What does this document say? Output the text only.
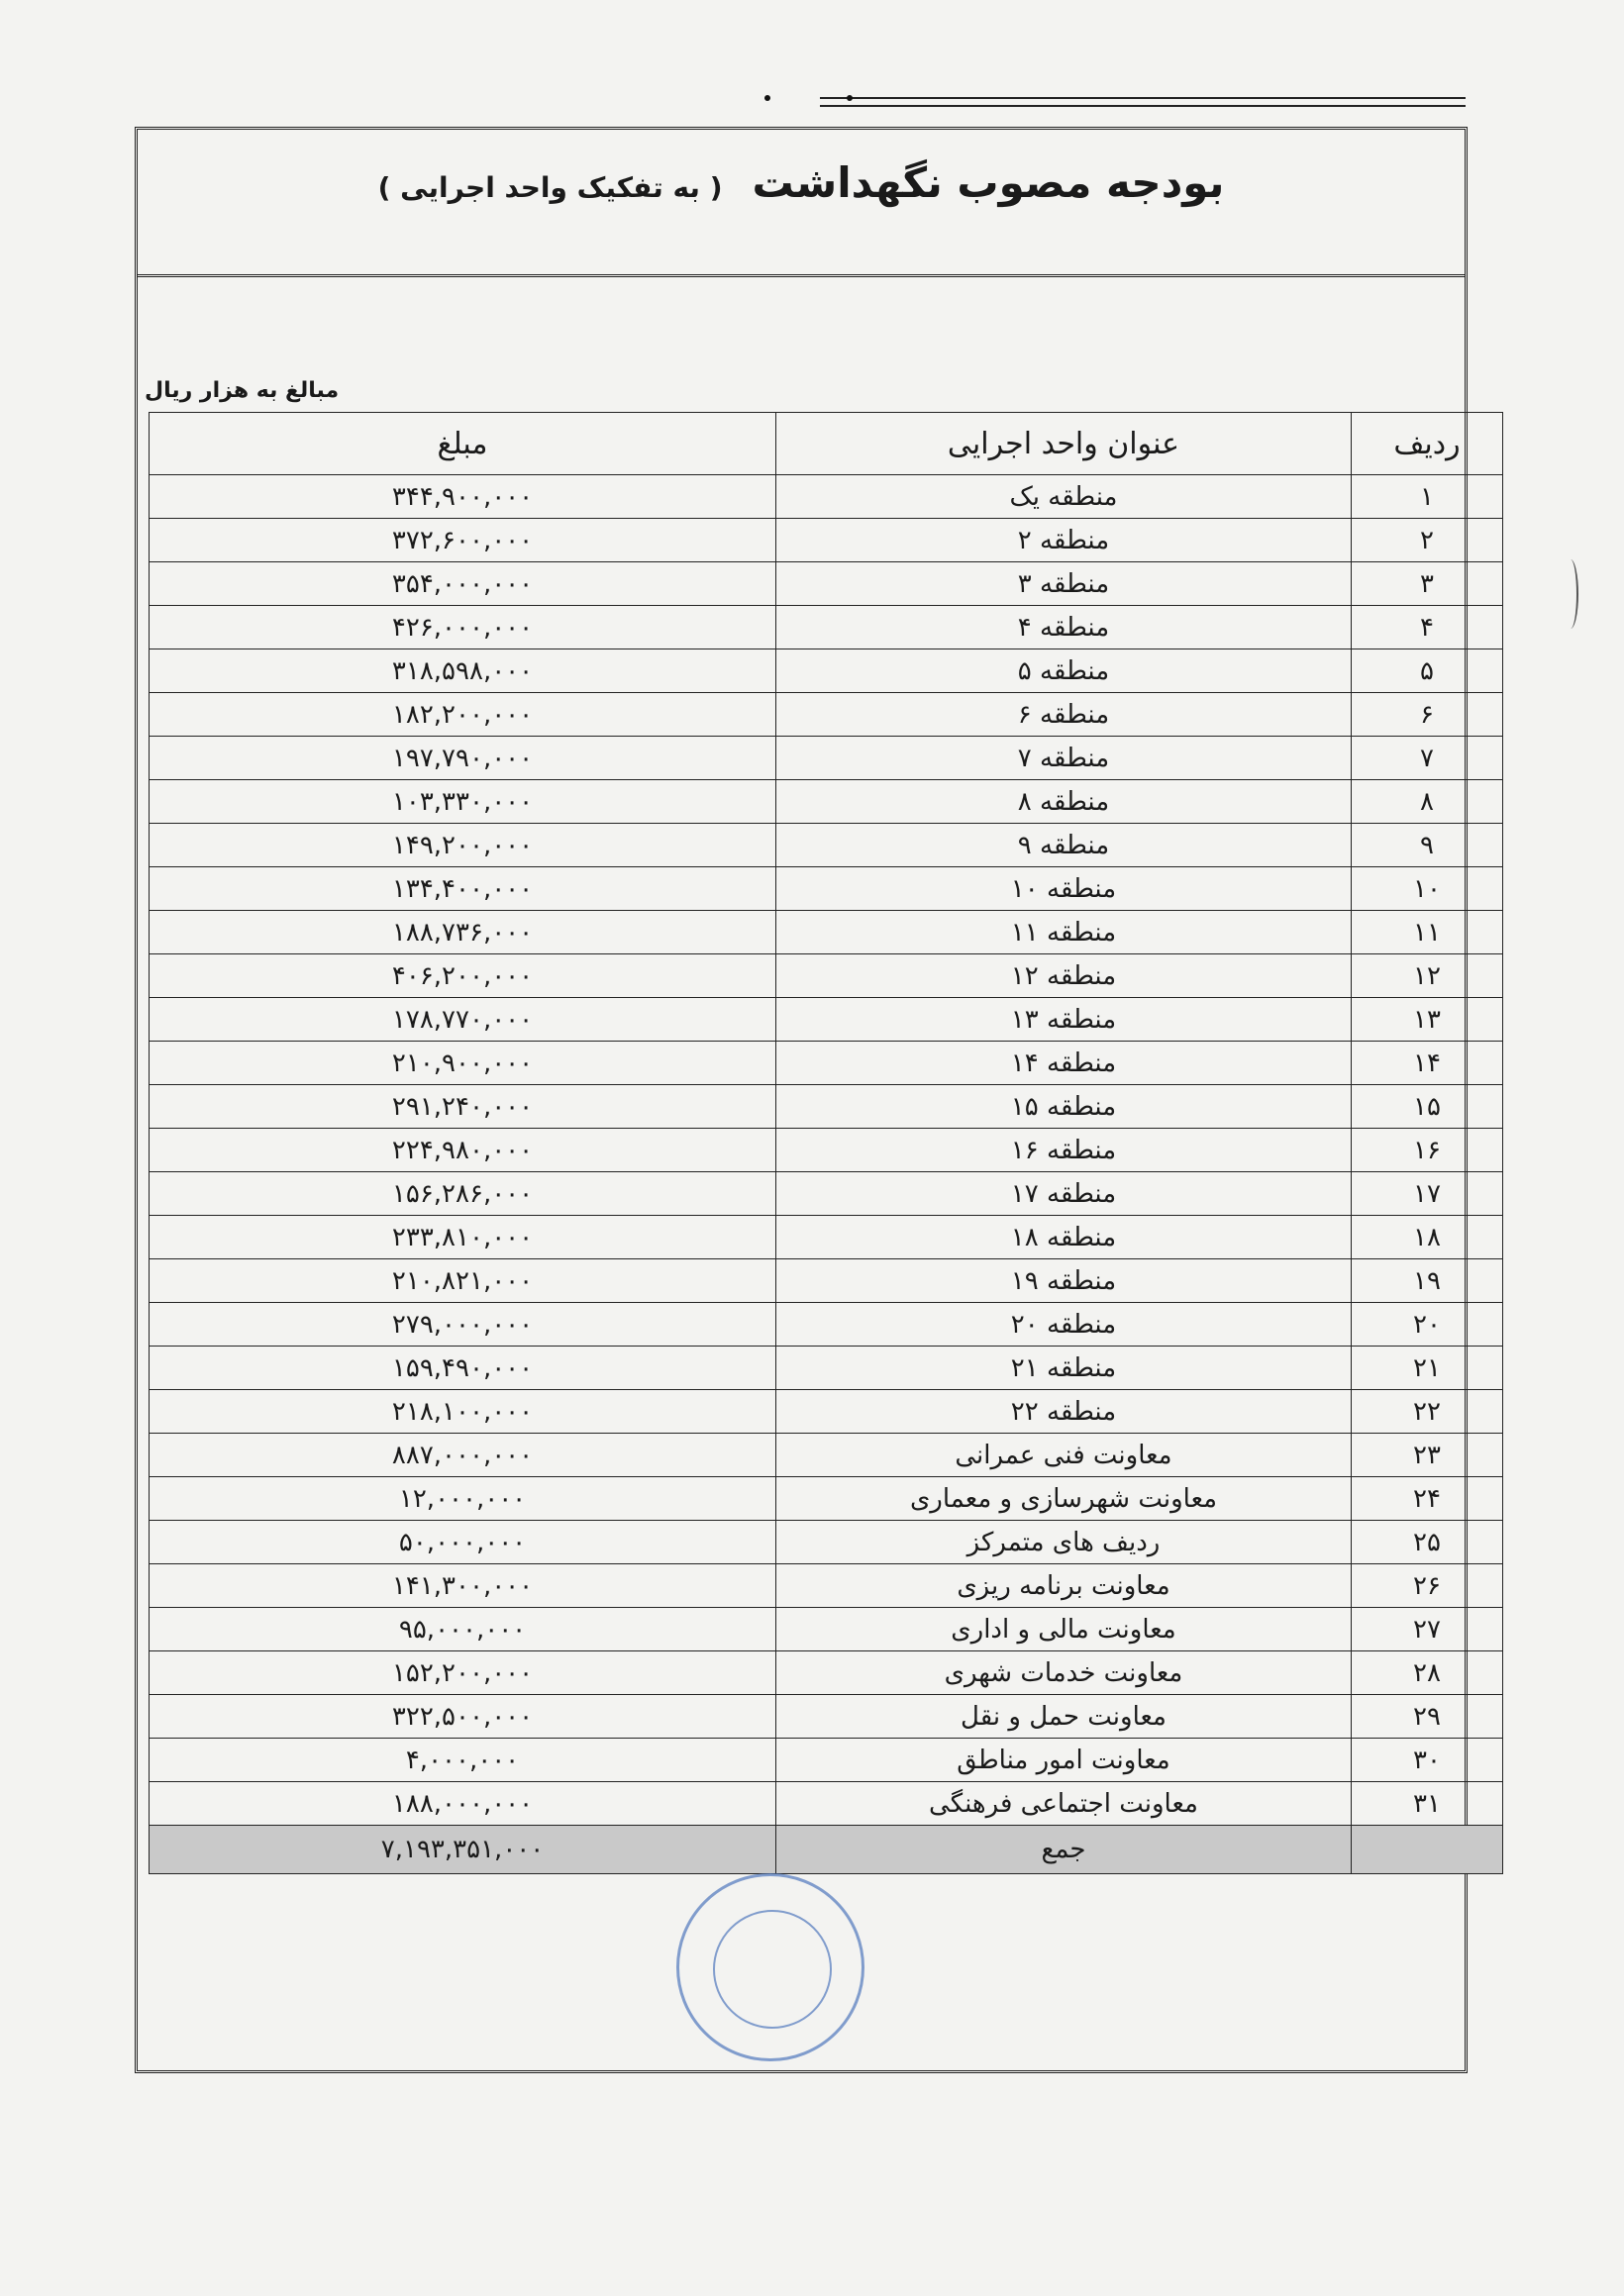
بودجه مصوب نگهداشت ( به تفکیک واحد اجرایی )
مبالغ به هزار ریال
ردیف	عنوان واحد اجرایی	مبلغ
۱	منطقه یک	۳۴۴,۹۰۰,۰۰۰
۲	منطقه ۲	۳۷۲,۶۰۰,۰۰۰
۳	منطقه ۳	۳۵۴,۰۰۰,۰۰۰
۴	منطقه ۴	۴۲۶,۰۰۰,۰۰۰
۵	منطقه ۵	۳۱۸,۵۹۸,۰۰۰
۶	منطقه ۶	۱۸۲,۲۰۰,۰۰۰
۷	منطقه ۷	۱۹۷,۷۹۰,۰۰۰
۸	منطقه ۸	۱۰۳,۳۳۰,۰۰۰
۹	منطقه ۹	۱۴۹,۲۰۰,۰۰۰
۱۰	منطقه ۱۰	۱۳۴,۴۰۰,۰۰۰
۱۱	منطقه ۱۱	۱۸۸,۷۳۶,۰۰۰
۱۲	منطقه ۱۲	۴۰۶,۲۰۰,۰۰۰
۱۳	منطقه ۱۳	۱۷۸,۷۷۰,۰۰۰
۱۴	منطقه ۱۴	۲۱۰,۹۰۰,۰۰۰
۱۵	منطقه ۱۵	۲۹۱,۲۴۰,۰۰۰
۱۶	منطقه ۱۶	۲۲۴,۹۸۰,۰۰۰
۱۷	منطقه ۱۷	۱۵۶,۲۸۶,۰۰۰
۱۸	منطقه ۱۸	۲۳۳,۸۱۰,۰۰۰
۱۹	منطقه ۱۹	۲۱۰,۸۲۱,۰۰۰
۲۰	منطقه ۲۰	۲۷۹,۰۰۰,۰۰۰
۲۱	منطقه ۲۱	۱۵۹,۴۹۰,۰۰۰
۲۲	منطقه ۲۲	۲۱۸,۱۰۰,۰۰۰
۲۳	معاونت فنی عمرانی	۸۸۷,۰۰۰,۰۰۰
۲۴	معاونت شهرسازی و معماری	۱۲,۰۰۰,۰۰۰
۲۵	ردیف های متمرکز	۵۰,۰۰۰,۰۰۰
۲۶	معاونت برنامه ریزی	۱۴۱,۳۰۰,۰۰۰
۲۷	معاونت مالی و اداری	۹۵,۰۰۰,۰۰۰
۲۸	معاونت خدمات شهری	۱۵۲,۲۰۰,۰۰۰
۲۹	معاونت حمل و نقل	۳۲۲,۵۰۰,۰۰۰
۳۰	معاونت امور مناطق	۴,۰۰۰,۰۰۰
۳۱	معاونت اجتماعی فرهنگی	۱۸۸,۰۰۰,۰۰۰
	جمع	۷,۱۹۳,۳۵۱,۰۰۰
